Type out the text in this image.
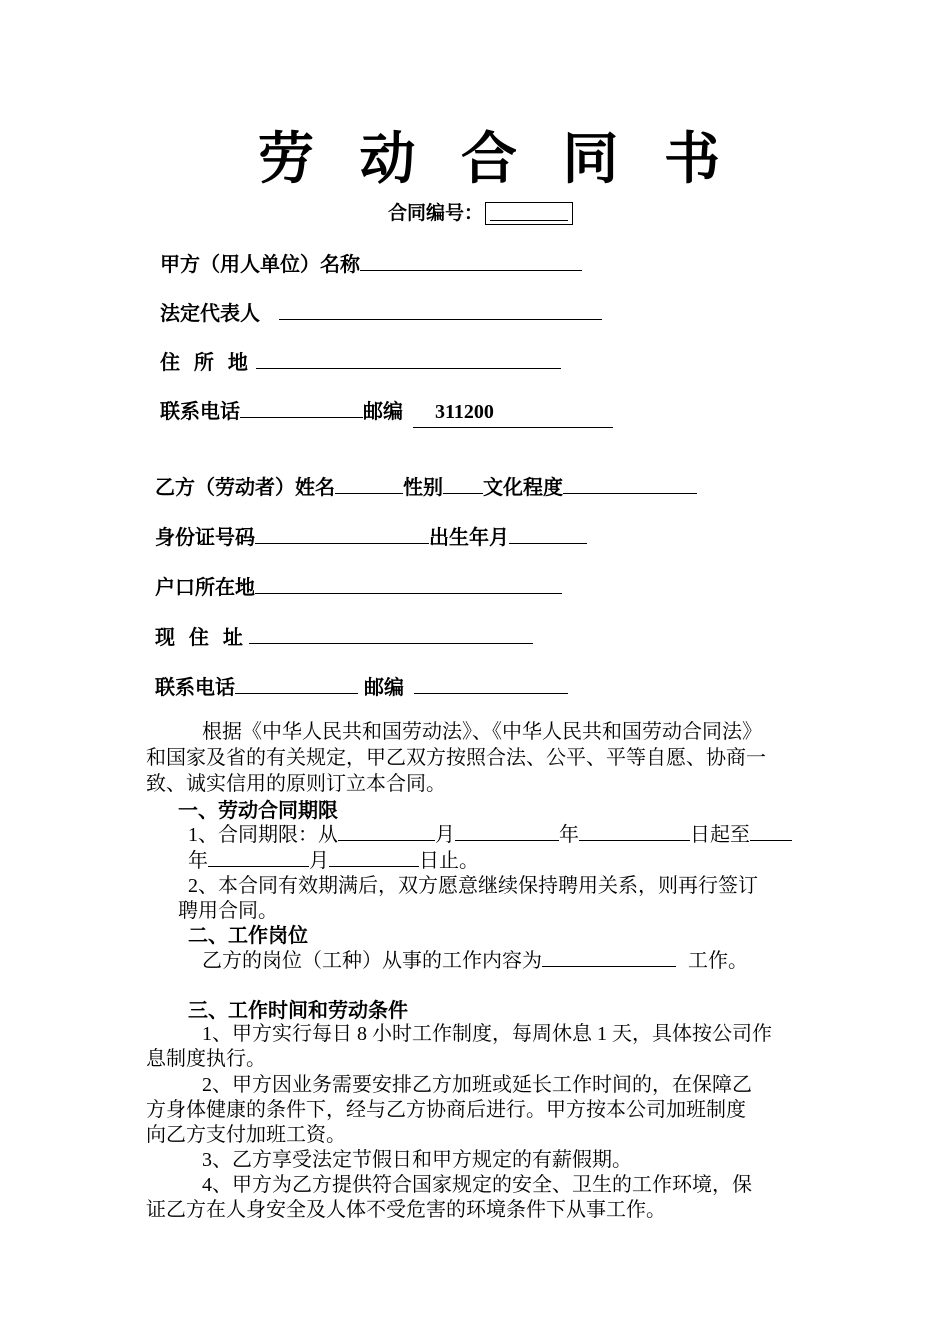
劳 动 合 同 书
合同编号：
甲方（用人单位）名称
法定代表人
住  所  地
联系电话	邮编 311200
乙方（劳动者）姓名	性别 文化程度
身份证号码	出生年月
户口所在地
现  住  址
联系电话	邮编
根据《中华人民共和国劳动法》、《中华人民共和国劳动合同法》
和国家及省的有关规定，甲乙双方按照合法、公平、平等自愿、协商一
致、诚实信用的原则订立本合同。
一、劳动合同期限
1、合同期限：从	月	年	日起至
年	月	日止。
2、本合同有效期满后，双方愿意继续保持聘用关系，则再行签订
聘用合同。
二、工作岗位
乙方的岗位（工种）从事的工作内容为	工作。
三、工作时间和劳动条件
1、甲方实行每日 8 小时工作制度，每周休息 1 天，具体按公司作
息制度执行。
2、甲方因业务需要安排乙方加班或延长工作时间的，在保障乙
方身体健康的条件下，经与乙方协商后进行。甲方按本公司加班制度
向乙方支付加班工资。
3、乙方享受法定节假日和甲方规定的有薪假期。
4、甲方为乙方提供符合国家规定的安全、卫生的工作环境，保
证乙方在人身安全及人体不受危害的环境条件下从事工作。
